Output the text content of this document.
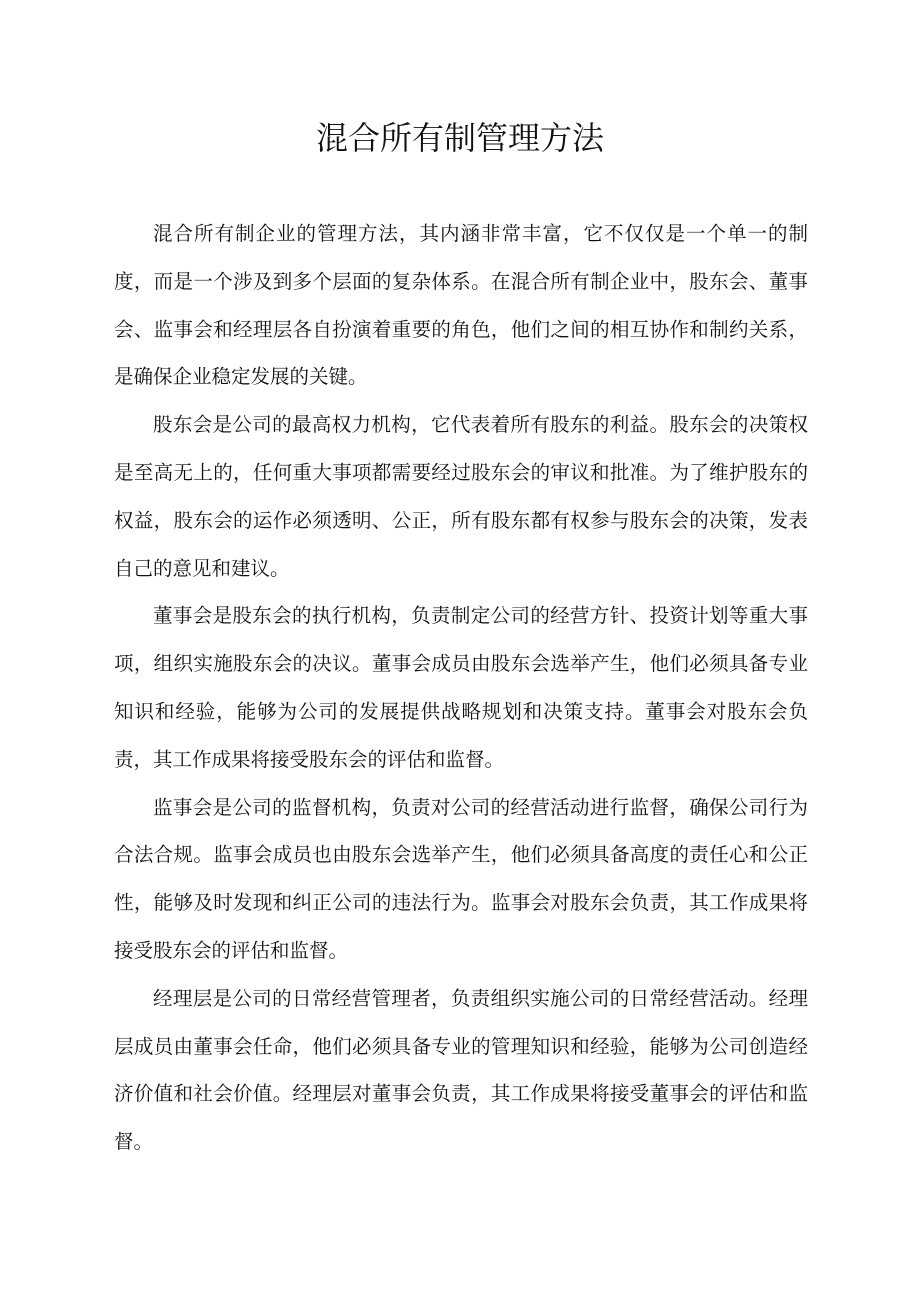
混合所有制管理方法

混合所有制企业的管理方法，其内涵非常丰富，它不仅仅是一个单一的制度，而是一个涉及到多个层面的复杂体系。在混合所有制企业中，股东会、董事会、监事会和经理层各自扮演着重要的角色，他们之间的相互协作和制约关系，是确保企业稳定发展的关键。

股东会是公司的最高权力机构，它代表着所有股东的利益。股东会的决策权是至高无上的，任何重大事项都需要经过股东会的审议和批准。为了维护股东的权益，股东会的运作必须透明、公正，所有股东都有权参与股东会的决策，发表自己的意见和建议。

董事会是股东会的执行机构，负责制定公司的经营方针、投资计划等重大事项，组织实施股东会的决议。董事会成员由股东会选举产生，他们必须具备专业知识和经验，能够为公司的发展提供战略规划和决策支持。董事会对股东会负责，其工作成果将接受股东会的评估和监督。

监事会是公司的监督机构，负责对公司的经营活动进行监督，确保公司行为合法合规。监事会成员也由股东会选举产生，他们必须具备高度的责任心和公正性，能够及时发现和纠正公司的违法行为。监事会对股东会负责，其工作成果将接受股东会的评估和监督。

经理层是公司的日常经营管理者，负责组织实施公司的日常经营活动。经理层成员由董事会任命，他们必须具备专业的管理知识和经验，能够为公司创造经济价值和社会价值。经理层对董事会负责，其工作成果将接受董事会的评估和监督。
